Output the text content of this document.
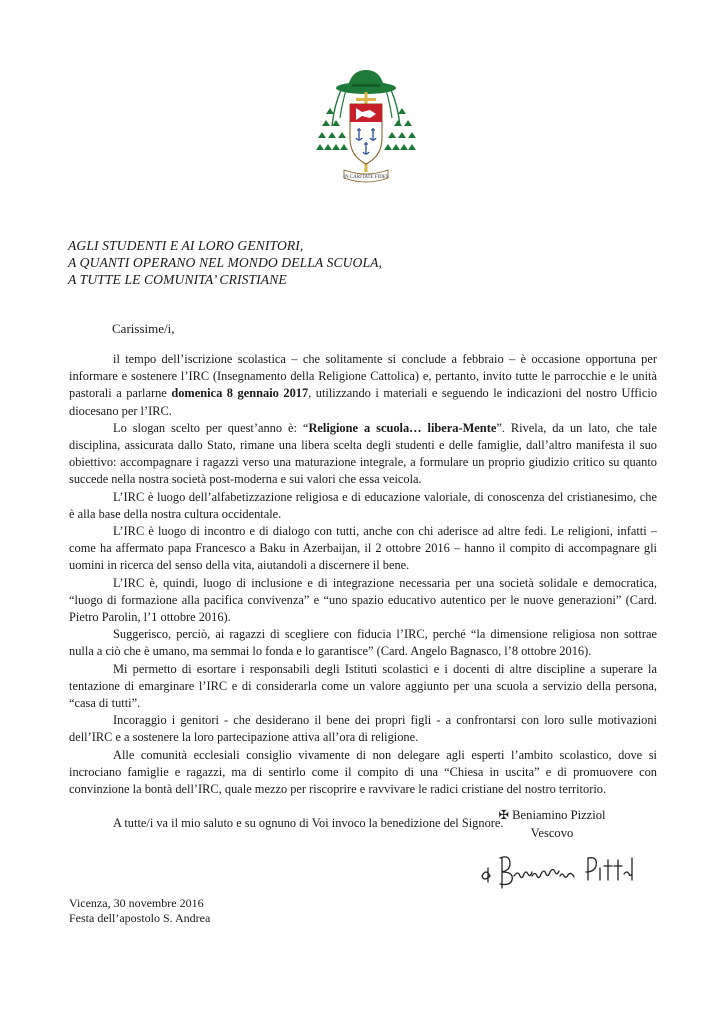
IN CARITATE FIDES
AGLI STUDENTI E AI LORO GENITORI,
A QUANTI OPERANO NEL MONDO DELLA SCUOLA,
A TUTTE LE COMUNITA’ CRISTIANE
Carissime/i,

il tempo dell’iscrizione scolastica – che solitamente si conclude a febbraio – è occasione opportuna per informare e sostenere l’IRC (Insegnamento della Religione Cattolica) e, pertanto, invito tutte le parrocchie e le unità pastorali a parlarne domenica 8 gennaio 2017, utilizzando i materiali e seguendo le indicazioni del nostro Ufficio diocesano per l’IRC.

Lo slogan scelto per quest’anno è: “Religione a scuola… libera-Mente”. Rivela, da un lato, che tale disciplina, assicurata dallo Stato, rimane una libera scelta degli studenti e delle famiglie, dall’altro manifesta il suo obiettivo: accompagnare i ragazzi verso una maturazione integrale, a formulare un proprio giudizio critico su quanto succede nella nostra società post-moderna e sui valori che essa veicola.

L’IRC è luogo dell’alfabetizzazione religiosa e di educazione valoriale, di conoscenza del cristianesimo, che è alla base della nostra cultura occidentale.

L’IRC è luogo di incontro e di dialogo con tutti, anche con chi aderisce ad altre fedi. Le religioni, infatti – come ha affermato papa Francesco a Baku in Azerbaijan, il 2 ottobre 2016 – hanno il compito di accompagnare gli uomini in ricerca del senso della vita, aiutandoli a discernere il bene.

L’IRC è, quindi, luogo di inclusione e di integrazione necessaria per una società solidale e democratica, “luogo di formazione alla pacifica convivenza” e “uno spazio educativo autentico per le nuove generazioni” (Card. Pietro Parolin, l’1 ottobre 2016).

Suggerisco, perciò, ai ragazzi di scegliere con fiducia l’IRC, perché “la dimensione religiosa non sottrae nulla a ciò che è umano, ma semmai lo fonda e lo garantisce” (Card. Angelo Bagnasco, l’8 ottobre 2016).

Mi permetto di esortare i responsabili degli Istituti scolastici e i docenti di altre discipline a superare la tentazione di emarginare l’IRC e di considerarla come un valore aggiunto per una scuola a servizio della persona, “casa di tutti”.

Incoraggio i genitori - che desiderano il bene dei propri figli - a confrontarsi con loro sulle motivazioni dell’IRC e a sostenere la loro partecipazione attiva all’ora di religione.

Alle comunità ecclesiali consiglio vivamente di non delegare agli esperti l’ambito scolastico, dove si incrociano famiglie e ragazzi, ma di sentirlo come il compito di una “Chiesa in uscita” e di promuovere con convinzione la bontà dell’IRC, quale mezzo per riscoprire e ravvivare le radici cristiane del nostro territorio.

A tutte/i va il mio saluto e su ognuno di Voi invoco la benedizione del Signore.

✠ Beniamino Pizziol
Vescovo
Vicenza, 30 novembre 2016
Festa dell’apostolo S. Andrea
